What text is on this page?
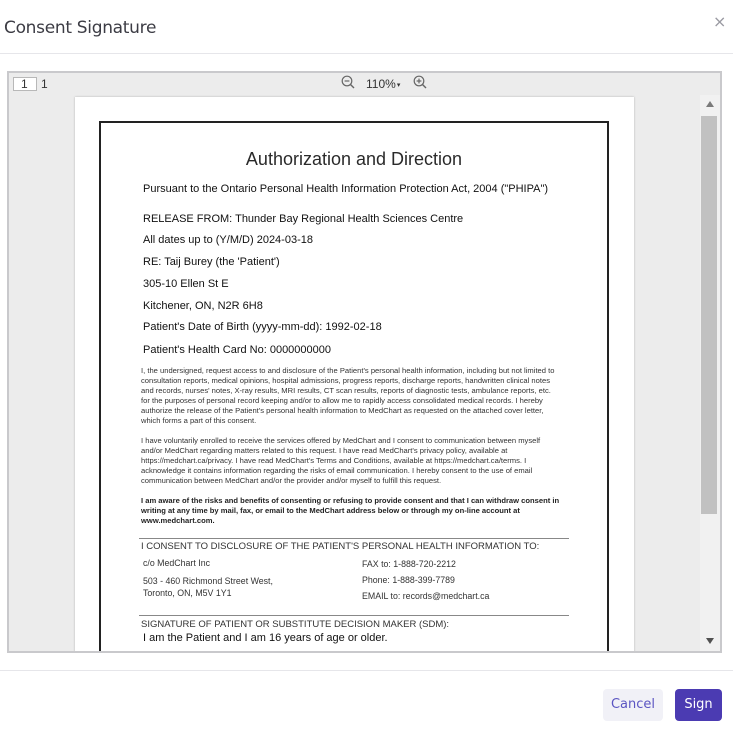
Consent Signature	×
1	1	110%▾
Authorization and Direction
Pursuant to the Ontario Personal Health Information Protection Act, 2004 ("PHIPA")
RELEASE FROM: Thunder Bay Regional Health Sciences Centre
All dates up to (Y/M/D) 2024-03-18
RE: Taij Burey (the 'Patient')
305-10 Ellen St E
Kitchener, ON, N2R 6H8
Patient's Date of Birth (yyyy-mm-dd): 1992-02-18
Patient's Health Card No: 0000000000
I, the undersigned, request access to and disclosure of the Patient's personal health information, including but not limited to consultation reports, medical opinions, hospital admissions, progress reports, discharge reports, handwritten clinical notes and records, nurses' notes, X-ray results, MRI results, CT scan results, reports of diagnostic tests, ambulance reports, etc. for the purposes of personal record keeping and/or to allow me to rapidly access consolidated medical records. I hereby authorize the release of the Patient's personal health information to MedChart as requested on the attached cover letter, which forms a part of this consent.
I have voluntarily enrolled to receive the services offered by MedChart and I consent to communication between myself and/or MedChart regarding matters related to this request. I have read MedChart's privacy policy, available at https://medchart.ca/privacy. I have read MedChart's Terms and Conditions, available at https://medchart.ca/terms. I acknowledge it contains information regarding the risks of email communication. I hereby consent to the use of email communication between MedChart and/or the provider and/or myself to fulfill this request.
I am aware of the risks and benefits of consenting or refusing to provide consent and that I can withdraw consent in writing at any time by mail, fax, or email to the MedChart address below or through my on-line account at www.medchart.com.
I CONSENT TO DISCLOSURE OF THE PATIENT'S PERSONAL HEALTH INFORMATION TO:
c/o MedChart Inc
503 - 460 Richmond Street West,
Toronto, ON, M5V 1Y1
FAX to: 1-888-720-2212
Phone: 1-888-399-7789
EMAIL to: records@medchart.ca
SIGNATURE OF PATIENT OR SUBSTITUTE DECISION MAKER (SDM):
I am the Patient and I am 16 years of age or older.
Cancel	Sign
